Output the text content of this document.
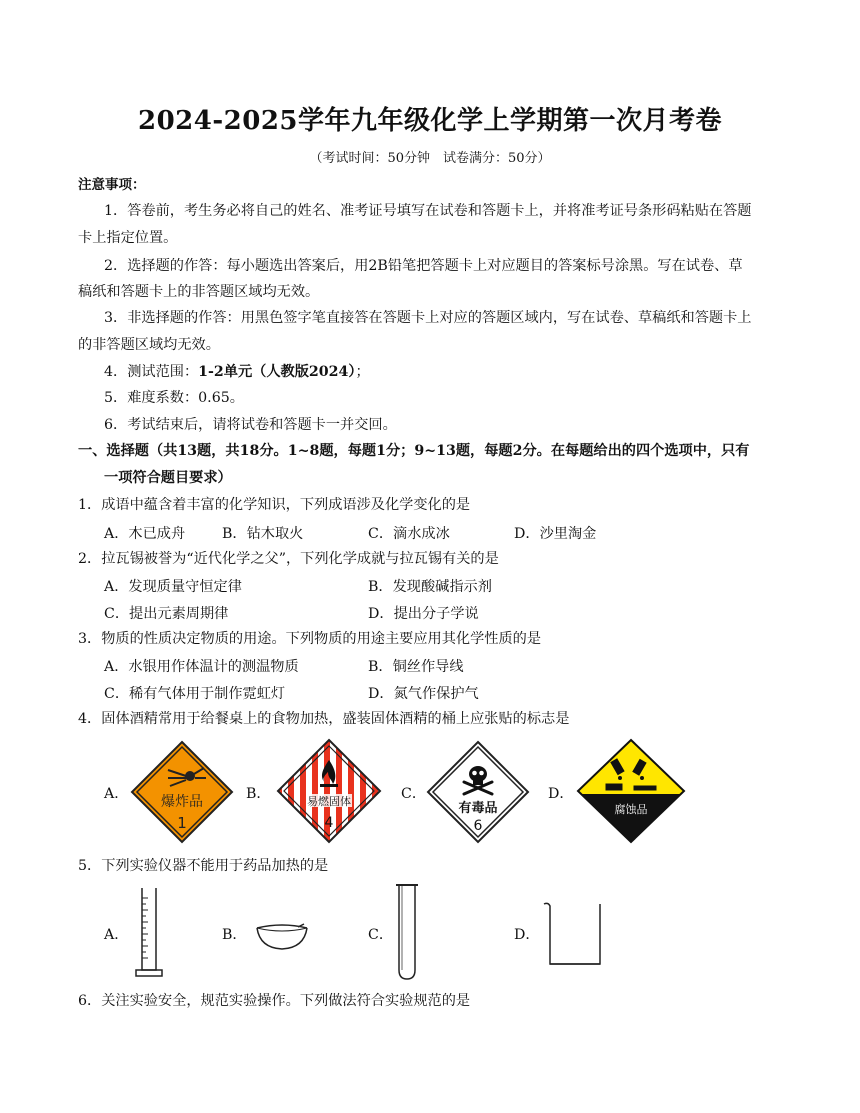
2024-2025学年九年级化学上学期第一次月考卷
（考试时间：50分钟　试卷满分：50分）
注意事项：
1．答卷前，考生务必将自己的姓名、准考证号填写在试卷和答题卡上，并将准考证号条形码粘贴在答题
卡上指定位置。
2．选择题的作答：每小题选出答案后，用2B铅笔把答题卡上对应题目的答案标号涂黑。写在试卷、草
稿纸和答题卡上的非答题区域均无效。
3．非选择题的作答：用黑色签字笔直接答在答题卡上对应的答题区域内，写在试卷、草稿纸和答题卡上
的非答题区域均无效。
4．测试范围：1-2单元（人教版2024）；
5．难度系数：0.65。
6．考试结束后，请将试卷和答题卡一并交回。
一、选择题（共13题，共18分。1~8题，每题1分；9~13题，每题2分。在每题给出的四个选项中，只有
一项符合题目要求）
1．成语中蕴含着丰富的化学知识，下列成语涉及化学变化的是
A．木已成舟	B．钻木取火	C．滴水成冰	D．沙里淘金
2．拉瓦锡被誉为“近代化学之父”，下列化学成就与拉瓦锡有关的是
A．发现质量守恒定律	B．发现酸碱指示剂
C．提出元素周期律	D．提出分子学说
3．物质的性质决定物质的用途。下列物质的用途主要应用其化学性质的是
A．水银用作体温计的测温物质	B．铜丝作导线
C．稀有气体用于制作霓虹灯	D．氮气作保护气
4．固体酒精常用于给餐桌上的食物加热，盛装固体酒精的桶上应张贴的标志是
A． 爆炸品
1
B．	易燃固体
4
C．
有毒品
6
D．
腐蚀品
5．下列实验仪器不能用于药品加热的是
A．	B．	C．	D．
6．关注实验安全，规范实验操作。下列做法符合实验规范的是
